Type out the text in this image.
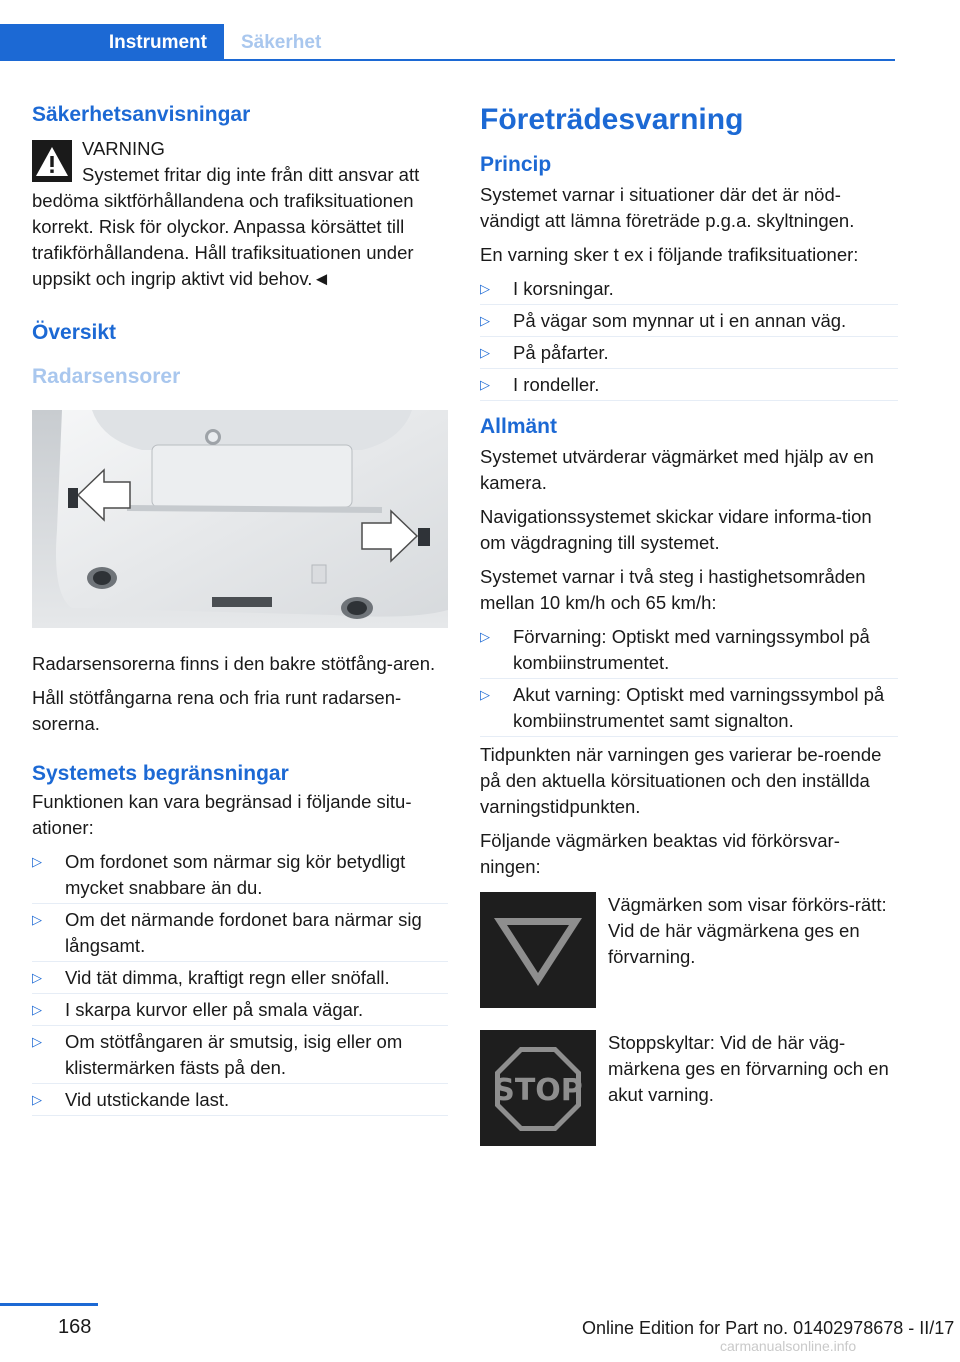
Instrument	Säkerhet
Säkerhetsanvisningar

VARNING

Systemet fritar dig inte från ditt ansvar att bedöma siktförhållandena och trafiksituationen korrekt. Risk för olyckor. Anpassa körsättet till trafikförhållandena. Håll trafiksituationen under uppsikt och ingrip aktivt vid behov.◄

Översikt
Radarsensorer

Radarsensorerna finns i den bakre stötfång-aren.

Håll stötfångarna rena och fria runt radarsen-sorerna.

Systemets begränsningar

Funktionen kan vara begränsad i följande situ-ationer:

▷ Om fordonet som närmar sig kör betydligt mycket snabbare än du.
▷ Om det närmande fordonet bara närmar sig långsamt.
▷ Vid tät dimma, kraftigt regn eller snöfall.
▷ I skarpa kurvor eller på smala vägar.
▷ Om stötfångaren är smutsig, isig eller om klistermärken fästs på den.
▷ Vid utstickande last.
Företrädesvarning
Princip

Systemet varnar i situationer där det är nöd-vändigt att lämna företräde p.g.a. skyltningen.

En varning sker t ex i följande trafiksituationer:

▷ I korsningar.
▷ På vägar som mynnar ut i en annan väg.
▷ På påfarter.
▷ I rondeller.
Allmänt

Systemet utvärderar vägmärket med hjälp av en kamera.

Navigationssystemet skickar vidare informa-tion om vägdragning till systemet.

Systemet varnar i två steg i hastighetsområden mellan 10 km/h och 65 km/h:

▷ Förvarning: Optiskt med varningssymbol på kombiinstrumentet.
▷ Akut varning: Optiskt med varningssymbol på kombiinstrumentet samt signalton.

Tidpunkten när varningen ges varierar be-roende på den aktuella körsituationen och den inställda varningstidpunkten.

Följande vägmärken beaktas vid förkörsvar-ningen:

Vägmärken som visar förkörs-rätt: Vid de här vägmärkena ges en förvarning.

STOP

Stoppskyltar: Vid de här väg-märkena ges en förvarning och en akut varning.

168	Online Edition for Part no. 01402978678 - II/17
carmanualsonline.info
